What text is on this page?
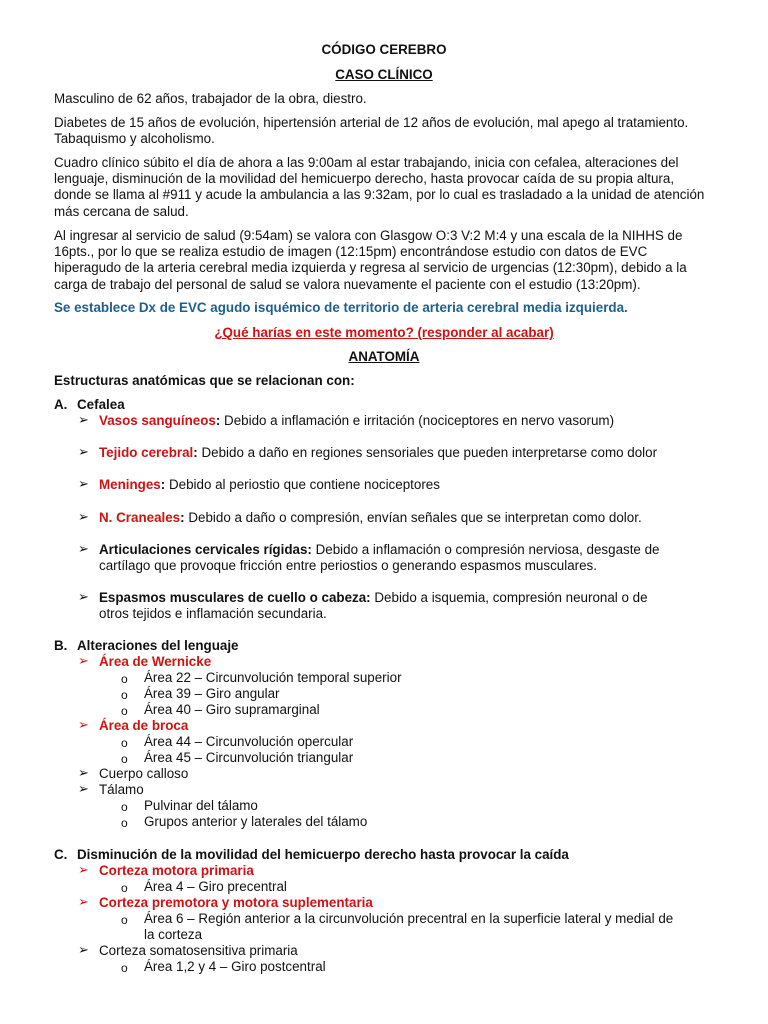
CÓDIGO CEREBRO
CASO CLÍNICO
Masculino de 62 años, trabajador de la obra, diestro.
Diabetes de 15 años de evolución, hipertensión arterial de 12 años de evolución, mal apego al tratamiento. Tabaquismo y alcoholismo.
Cuadro clínico súbito el día de ahora a las 9:00am al estar trabajando, inicia con cefalea, alteraciones del lenguaje, disminución de la movilidad del hemicuerpo derecho, hasta provocar caída de su propia altura, donde se llama al #911 y acude la ambulancia a las 9:32am, por lo cual es trasladado a la unidad de atención más cercana de salud.
Al ingresar al servicio de salud (9:54am) se valora con Glasgow O:3 V:2 M:4 y una escala de la NIHHS de 16pts., por lo que se realiza estudio de imagen (12:15pm) encontrándose estudio con datos de EVC hiperagudo de la arteria cerebral media izquierda y regresa al servicio de urgencias (12:30pm), debido a la carga de trabajo del personal de salud se valora nuevamente el paciente con el estudio (13:20pm).
Se establece Dx de EVC agudo isquémico de territorio de arteria cerebral media izquierda.
¿Qué harías en este momento? (responder al acabar)
ANATOMÍA
Estructuras anatómicas que se relacionan con:
A. Cefalea
➢ Vasos sanguíneos: Debido a inflamación e irritación (nociceptores en nervo vasorum)
➢ Tejido cerebral: Debido a daño en regiones sensoriales que pueden interpretarse como dolor
➢ Meninges: Debido al periostio que contiene nociceptores
➢ N. Craneales: Debido a daño o compresión, envían señales que se interpretan como dolor.
➢ Articulaciones cervicales rígidas: Debido a inflamación o compresión nerviosa, desgaste de
cartílago que provoque fricción entre periostios o generando espasmos musculares.
➢ Espasmos musculares de cuello o cabeza: Debido a isquemia, compresión neuronal o de
otros tejidos e inflamación secundaria.
B. Alteraciones del lenguaje
➢ Área de Wernicke
o Área 22 – Circunvolución temporal superior
o Área 39 – Giro angular
o Área 40 – Giro supramarginal
➢ Área de broca
o Área 44 – Circunvolución opercular
o Área 45 – Circunvolución triangular
➢ Cuerpo calloso
➢ Tálamo
o Pulvinar del tálamo
o Grupos anterior y laterales del tálamo
C. Disminución de la movilidad del hemicuerpo derecho hasta provocar la caída
➢ Corteza motora primaria
o Área 4 – Giro precentral
➢ Corteza premotora y motora suplementaria
o Área 6 – Región anterior a la circunvolución precentral en la superficie lateral y medial de
la corteza
➢ Corteza somatosensitiva primaria
o Área 1,2 y 4 – Giro postcentral
